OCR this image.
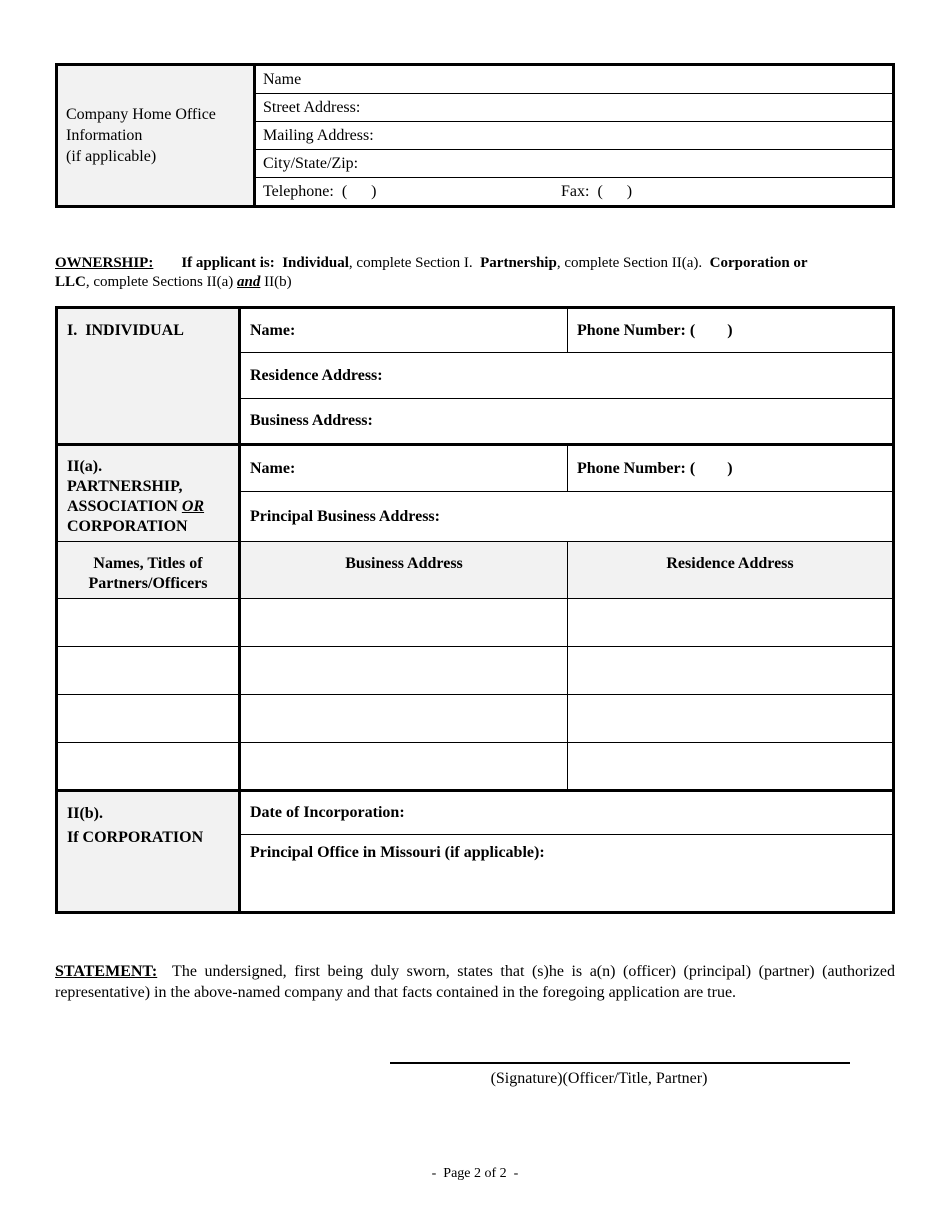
Company Home Office
Information
(if applicable)	Name
Street Address:
Mailing Address:
City/State/Zip:
Telephone:  (      )	Fax:  (      )
OWNERSHIP: If applicant is: Individual, complete Section I.  Partnership, complete Section II(a).  Corporation or LLC, complete Sections II(a) and II(b)
I.  INDIVIDUAL	Name:	Phone Number: (        )
	Residence Address:	
	Business Address:	
II(a).
PARTNERSHIP,
ASSOCIATION OR
CORPORATION	Name:	Phone Number: (        )
	Principal Business Address:	
Names, Titles of
Partners/Officers	Business Address	Residence Address

II(b).
If CORPORATION	Date of Incorporation:	
	Principal Office in Missouri (if applicable):	
STATEMENT: The undersigned, first being duly sworn, states that (s)he is a(n) (officer) (principal) (partner) (authorized representative) in the above-named company and that facts contained in the foregoing application are true.
(Signature)(Officer/Title, Partner)
-  Page 2 of 2  -
